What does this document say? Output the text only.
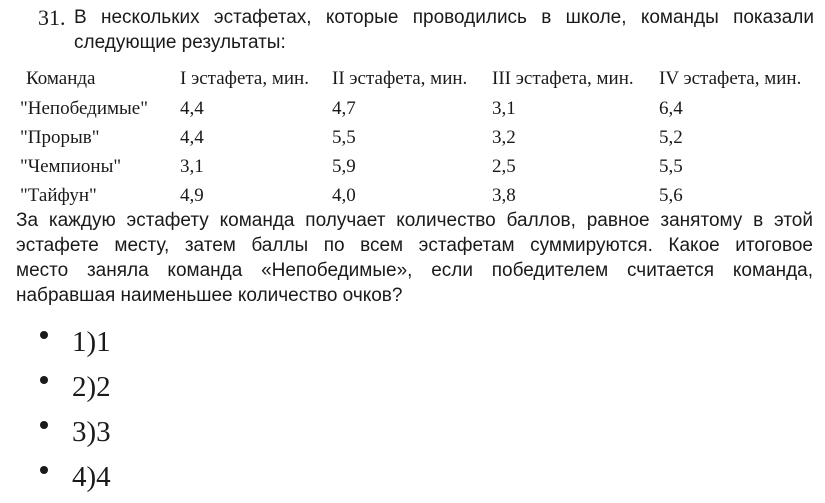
31. В нескольких эстафетах, которые проводились в школе, команды показали
следующие результаты:
Команда	I эстафета, мин.	II эстафета, мин.	III эстафета, мин.	IV эстафета, мин.
"Непобедимые"	4,4	4,7	3,1	6,4
"Прорыв"	4,4	5,5	3,2	5,2
"Чемпионы"	3,1	5,9	2,5	5,5
"Тайфун"	4,9	4,0	3,8	5,6
За каждую эстафету команда получает количество баллов, равное занятому в этой
эстафете месту, затем баллы по всем эстафетам суммируются. Какое итоговое
место заняла команда «Непобедимые», если победителем считается команда,
набравшая наименьшее количество очков?
1)1
2)2
3)3
4)4
